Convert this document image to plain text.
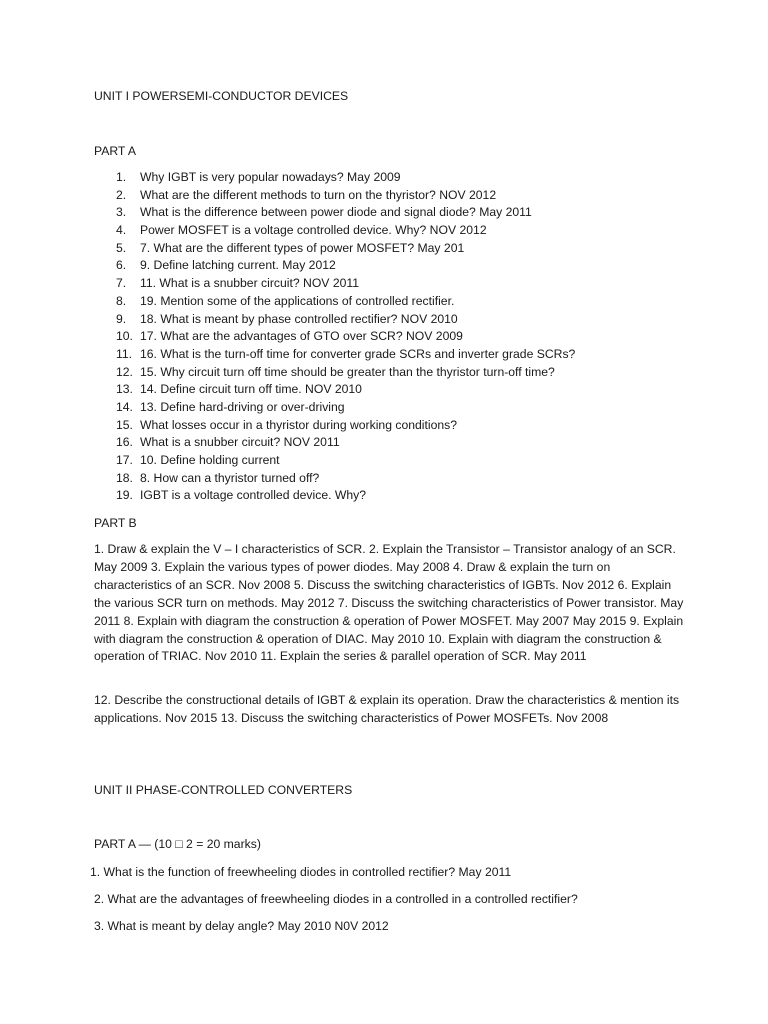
UNIT I POWERSEMI-CONDUCTOR DEVICES
PART A
1.	Why IGBT is very popular nowadays? May 2009
2.	What are the different methods to turn on the thyristor? NOV 2012
3.	What is the difference between power diode and signal diode? May 2011
4.	Power MOSFET is a voltage controlled device. Why? NOV 2012
5.	7. What are the different types of power MOSFET? May 201
6.	9. Define latching current. May 2012
7.	11. What is a snubber circuit? NOV 2011
8.	19. Mention some of the applications of controlled rectifier.
9.	18. What is meant by phase controlled rectifier? NOV 2010
10. 17. What are the advantages of GTO over SCR? NOV 2009
11. 16. What is the turn-off time for converter grade SCRs and inverter grade SCRs?
12. 15. Why circuit turn off time should be greater than the thyristor turn-off time?
13. 14. Define circuit turn off time. NOV 2010
14. 13. Define hard-driving or over-driving
15. What losses occur in a thyristor during working conditions?
16. What is a snubber circuit? NOV 2011
17. 10. Define holding current
18. 8. How can a thyristor turned off?
19. IGBT is a voltage controlled device. Why?
PART B

1. Draw & explain the V – I characteristics of SCR. 2. Explain the Transistor – Transistor analogy of an SCR. May 2009 3. Explain the various types of power diodes. May 2008 4. Draw & explain the turn on characteristics of an SCR. Nov 2008 5. Discuss the switching characteristics of IGBTs. Nov 2012 6. Explain the various SCR turn on methods. May 2012 7. Discuss the switching characteristics of Power transistor. May 2011 8. Explain with diagram the construction & operation of Power MOSFET. May 2007 May 2015 9. Explain with diagram the construction & operation of DIAC. May 2010 10. Explain with diagram the construction & operation of TRIAC. Nov 2010 11. Explain the series & parallel operation of SCR. May 2011

12. Describe the constructional details of IGBT & explain its operation. Draw the characteristics & mention its applications. Nov 2015 13. Discuss the switching characteristics of Power MOSFETs. Nov 2008

UNIT II PHASE-CONTROLLED CONVERTERS
PART A — (10 □ 2 = 20 marks)
1. What is the function of freewheeling diodes in controlled rectifier? May 2011
2. What are the advantages of freewheeling diodes in a controlled in a controlled rectifier?
3. What is meant by delay angle? May 2010 N0V 2012
